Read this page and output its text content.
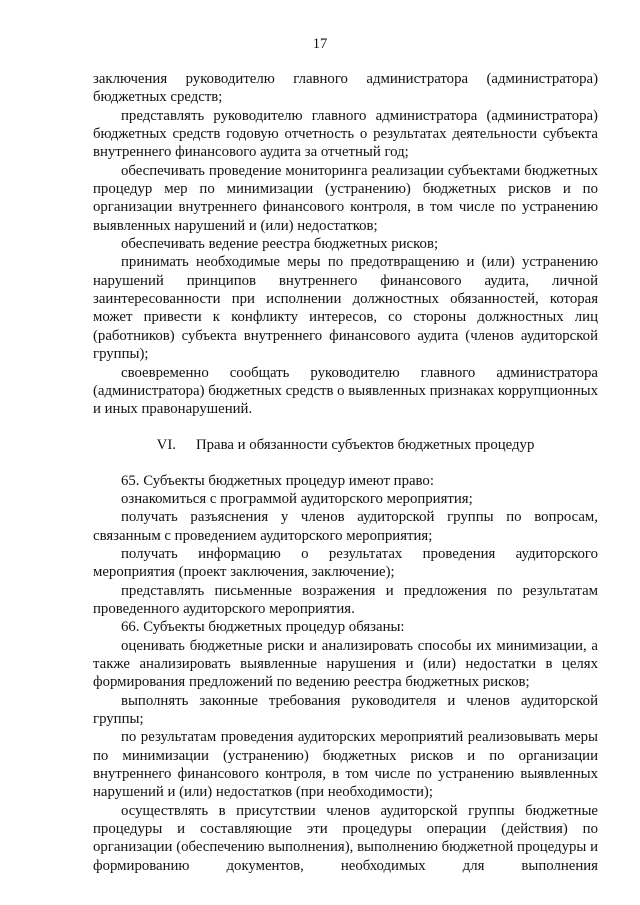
17

заключения руководителю главного администратора (администратора) бюджетных средств;

представлять руководителю главного администратора (администратора) бюджетных средств годовую отчетность о результатах деятельности субъекта внутреннего финансового аудита за отчетный год;

обеспечивать проведение мониторинга реализации субъектами бюджетных процедур мер по минимизации (устранению) бюджетных рисков и по организации внутреннего финансового контроля, в том числе по устранению выявленных нарушений и (или) недостатков;

обеспечивать ведение реестра бюджетных рисков;

принимать необходимые меры по предотвращению и (или) устранению нарушений принципов внутреннего финансового аудита, личной заинтересованности при исполнении должностных обязанностей, которая может привести к конфликту интересов, со стороны должностных лиц (работников) субъекта внутреннего финансового аудита (членов аудиторской группы);

своевременно сообщать руководителю главного администратора (администратора) бюджетных средств о выявленных признаках коррупционных и иных правонарушений.

VI. Права и обязанности субъектов бюджетных процедур

65. Субъекты бюджетных процедур имеют право:

ознакомиться с программой аудиторского мероприятия;

получать разъяснения у членов аудиторской группы по вопросам, связанным с проведением аудиторского мероприятия;

получать информацию о результатах проведения аудиторского мероприятия (проект заключения, заключение);

представлять письменные возражения и предложения по результатам проведенного аудиторского мероприятия.

66. Субъекты бюджетных процедур обязаны:

оценивать бюджетные риски и анализировать способы их минимизации, а также анализировать выявленные нарушения и (или) недостатки в целях формирования предложений по ведению реестра бюджетных рисков;

выполнять законные требования руководителя и членов аудиторской группы;

по результатам проведения аудиторских мероприятий реализовывать меры по минимизации (устранению) бюджетных рисков и по организации внутреннего финансового контроля, в том числе по устранению выявленных нарушений и (или) недостатков (при необходимости);

осуществлять в присутствии членов аудиторской группы бюджетные процедуры и составляющие эти процедуры операции (действия) по организации (обеспечению выполнения), выполнению бюджетной процедуры и формированию документов, необходимых для выполнения
